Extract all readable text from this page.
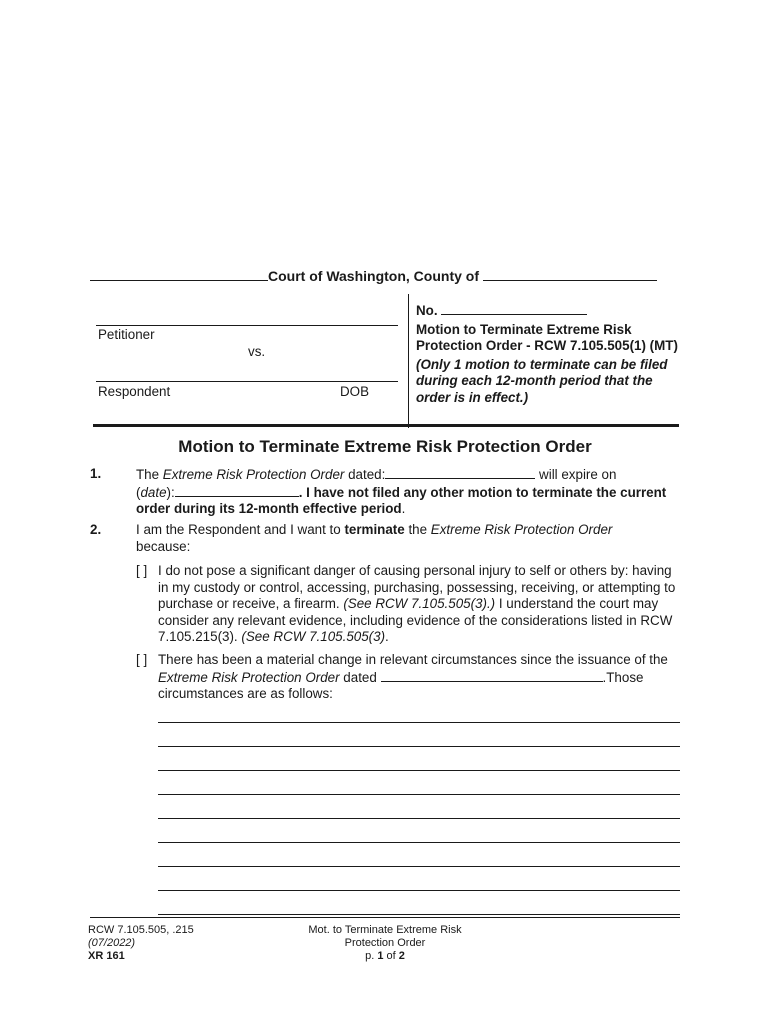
Court of Washington, County of
Petitioner
vs.
Respondent	DOB
No.
Motion to Terminate Extreme Risk Protection Order - RCW 7.105.505(1) (MT)
(Only 1 motion to terminate can be filed during each 12-month period that the order is in effect.)
Motion to Terminate Extreme Risk Protection Order
1.	The Extreme Risk Protection Order dated:	will expire on
(date):	. I have not filed any other motion to terminate the current order during its 12-month effective period.
2.	I am the Respondent and I want to terminate the Extreme Risk Protection Order
because:
[ ] I do not pose a significant danger of causing personal injury to self or others by: having in my custody or control, accessing, purchasing, possessing, receiving, or attempting to purchase or receive, a firearm. (See RCW 7.105.505(3).) I understand the court may consider any relevant evidence, including evidence of the considerations listed in RCW 7.105.215(3). (See RCW 7.105.505(3).
[ ] There has been a material change in relevant circumstances since the issuance of the Extreme Risk Protection Order dated	.Those circumstances are as follows:
RCW 7.105.505, .215
(07/2022)
XR 161
Mot. to Terminate Extreme Risk
Protection Order
p. 1 of 2
